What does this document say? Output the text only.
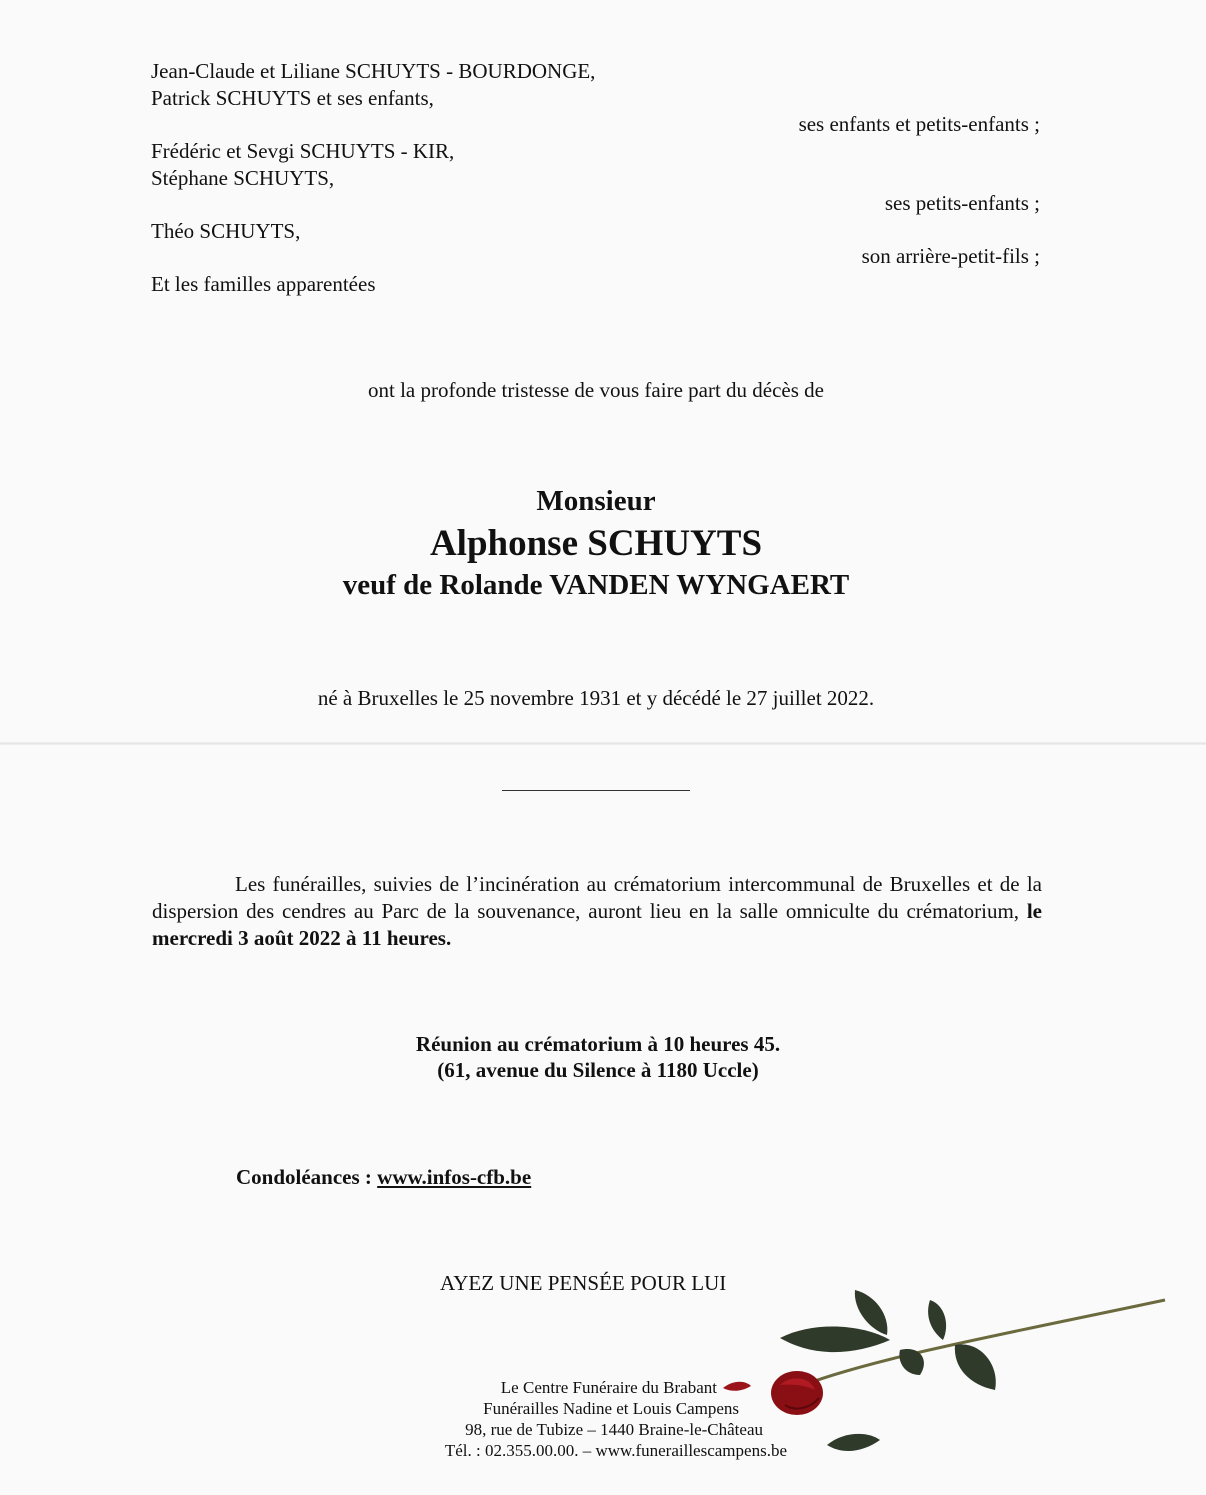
Jean-Claude et Liliane SCHUYTS - BOURDONGE,
Patrick SCHUYTS et ses enfants,
ses enfants et petits-enfants ;
Frédéric et Sevgi SCHUYTS - KIR,
Stéphane SCHUYTS,
ses petits-enfants ;
Théo SCHUYTS,
son arrière-petit-fils ;
Et les familles apparentées
ont la profonde tristesse de vous faire part du décès de
Monsieur
Alphonse SCHUYTS
veuf de Rolande VANDEN WYNGAERT
né à Bruxelles le 25 novembre 1931 et y décédé le 27 juillet 2022.
Les funérailles, suivies de l’incinération au crématorium intercommunal de Bruxelles et de la dispersion des cendres au Parc de la souvenance, auront lieu en la salle omniculte du crématorium, le mercredi 3 août 2022 à 11 heures.
Réunion au crématorium à 10 heures 45.
(61, avenue du Silence à 1180 Uccle)
Condoléances : www.infos-cfb.be
AYEZ UNE PENSÉE POUR LUI
Le Centre Funéraire du Brabant
Funérailles Nadine et Louis Campens
98, rue de Tubize – 1440 Braine-le-Château
Tél. : 02.355.00.00. – www.funeraillescampens.be
